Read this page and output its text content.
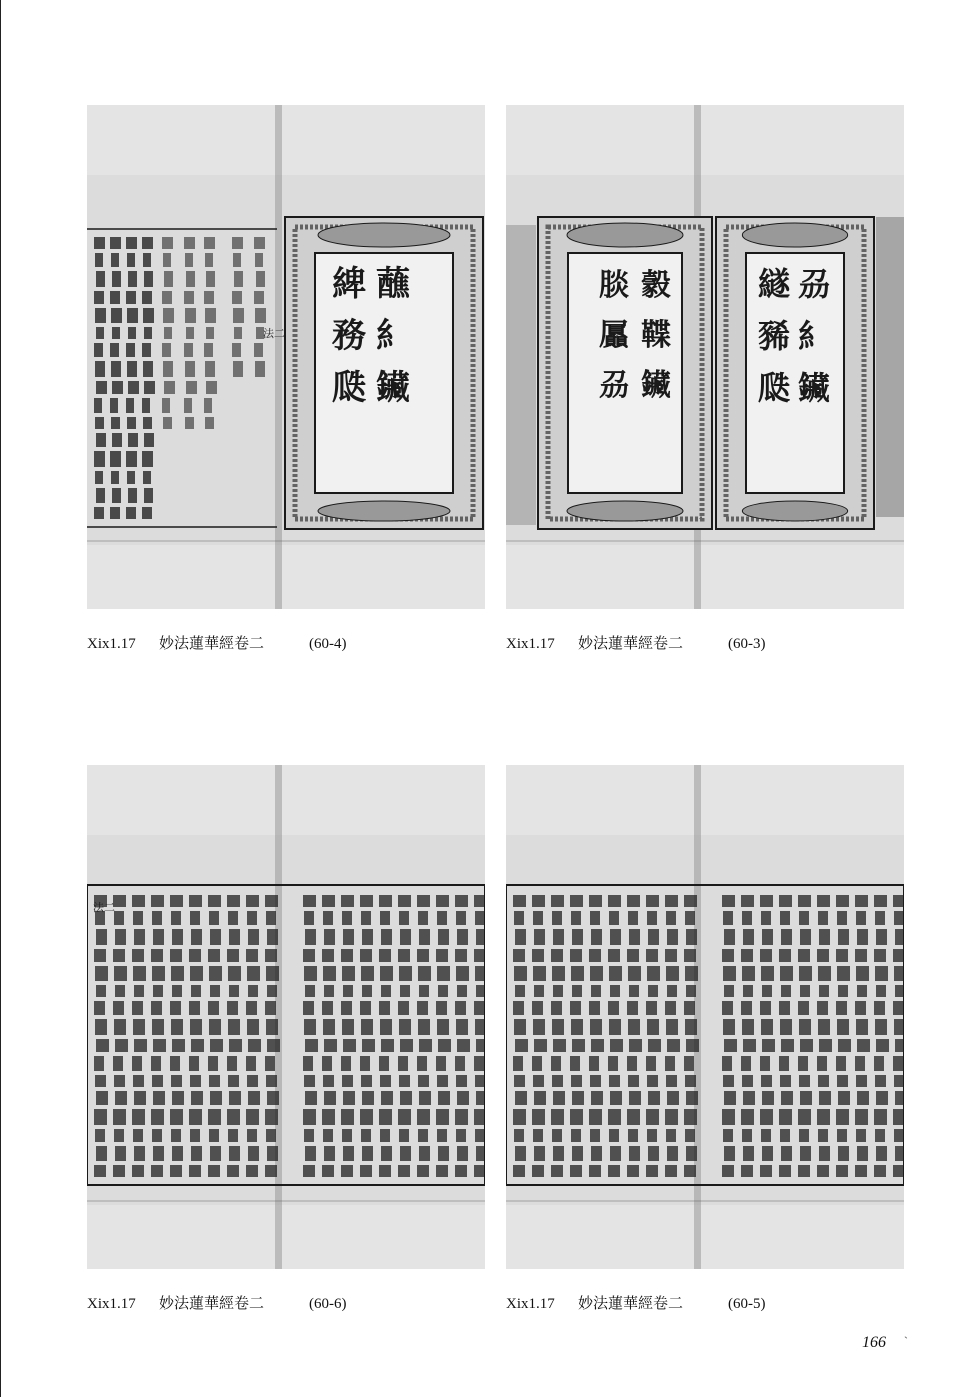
法二
綼
務
瓞
蘸
糹
鑶
Xix1.17 妙法蓮華經卷二	(60-4)
腅
屭
刕
豰
鞢
鑶
繸
豨
瓞
刕
糹
鑶
Xix1.17 妙法蓮華經卷二	(60-3)
法二
Xix1.17 妙法蓮華經卷二	(60-6)	Xix1.17 妙法蓮華經卷二	(60-5)
166 ˋ
